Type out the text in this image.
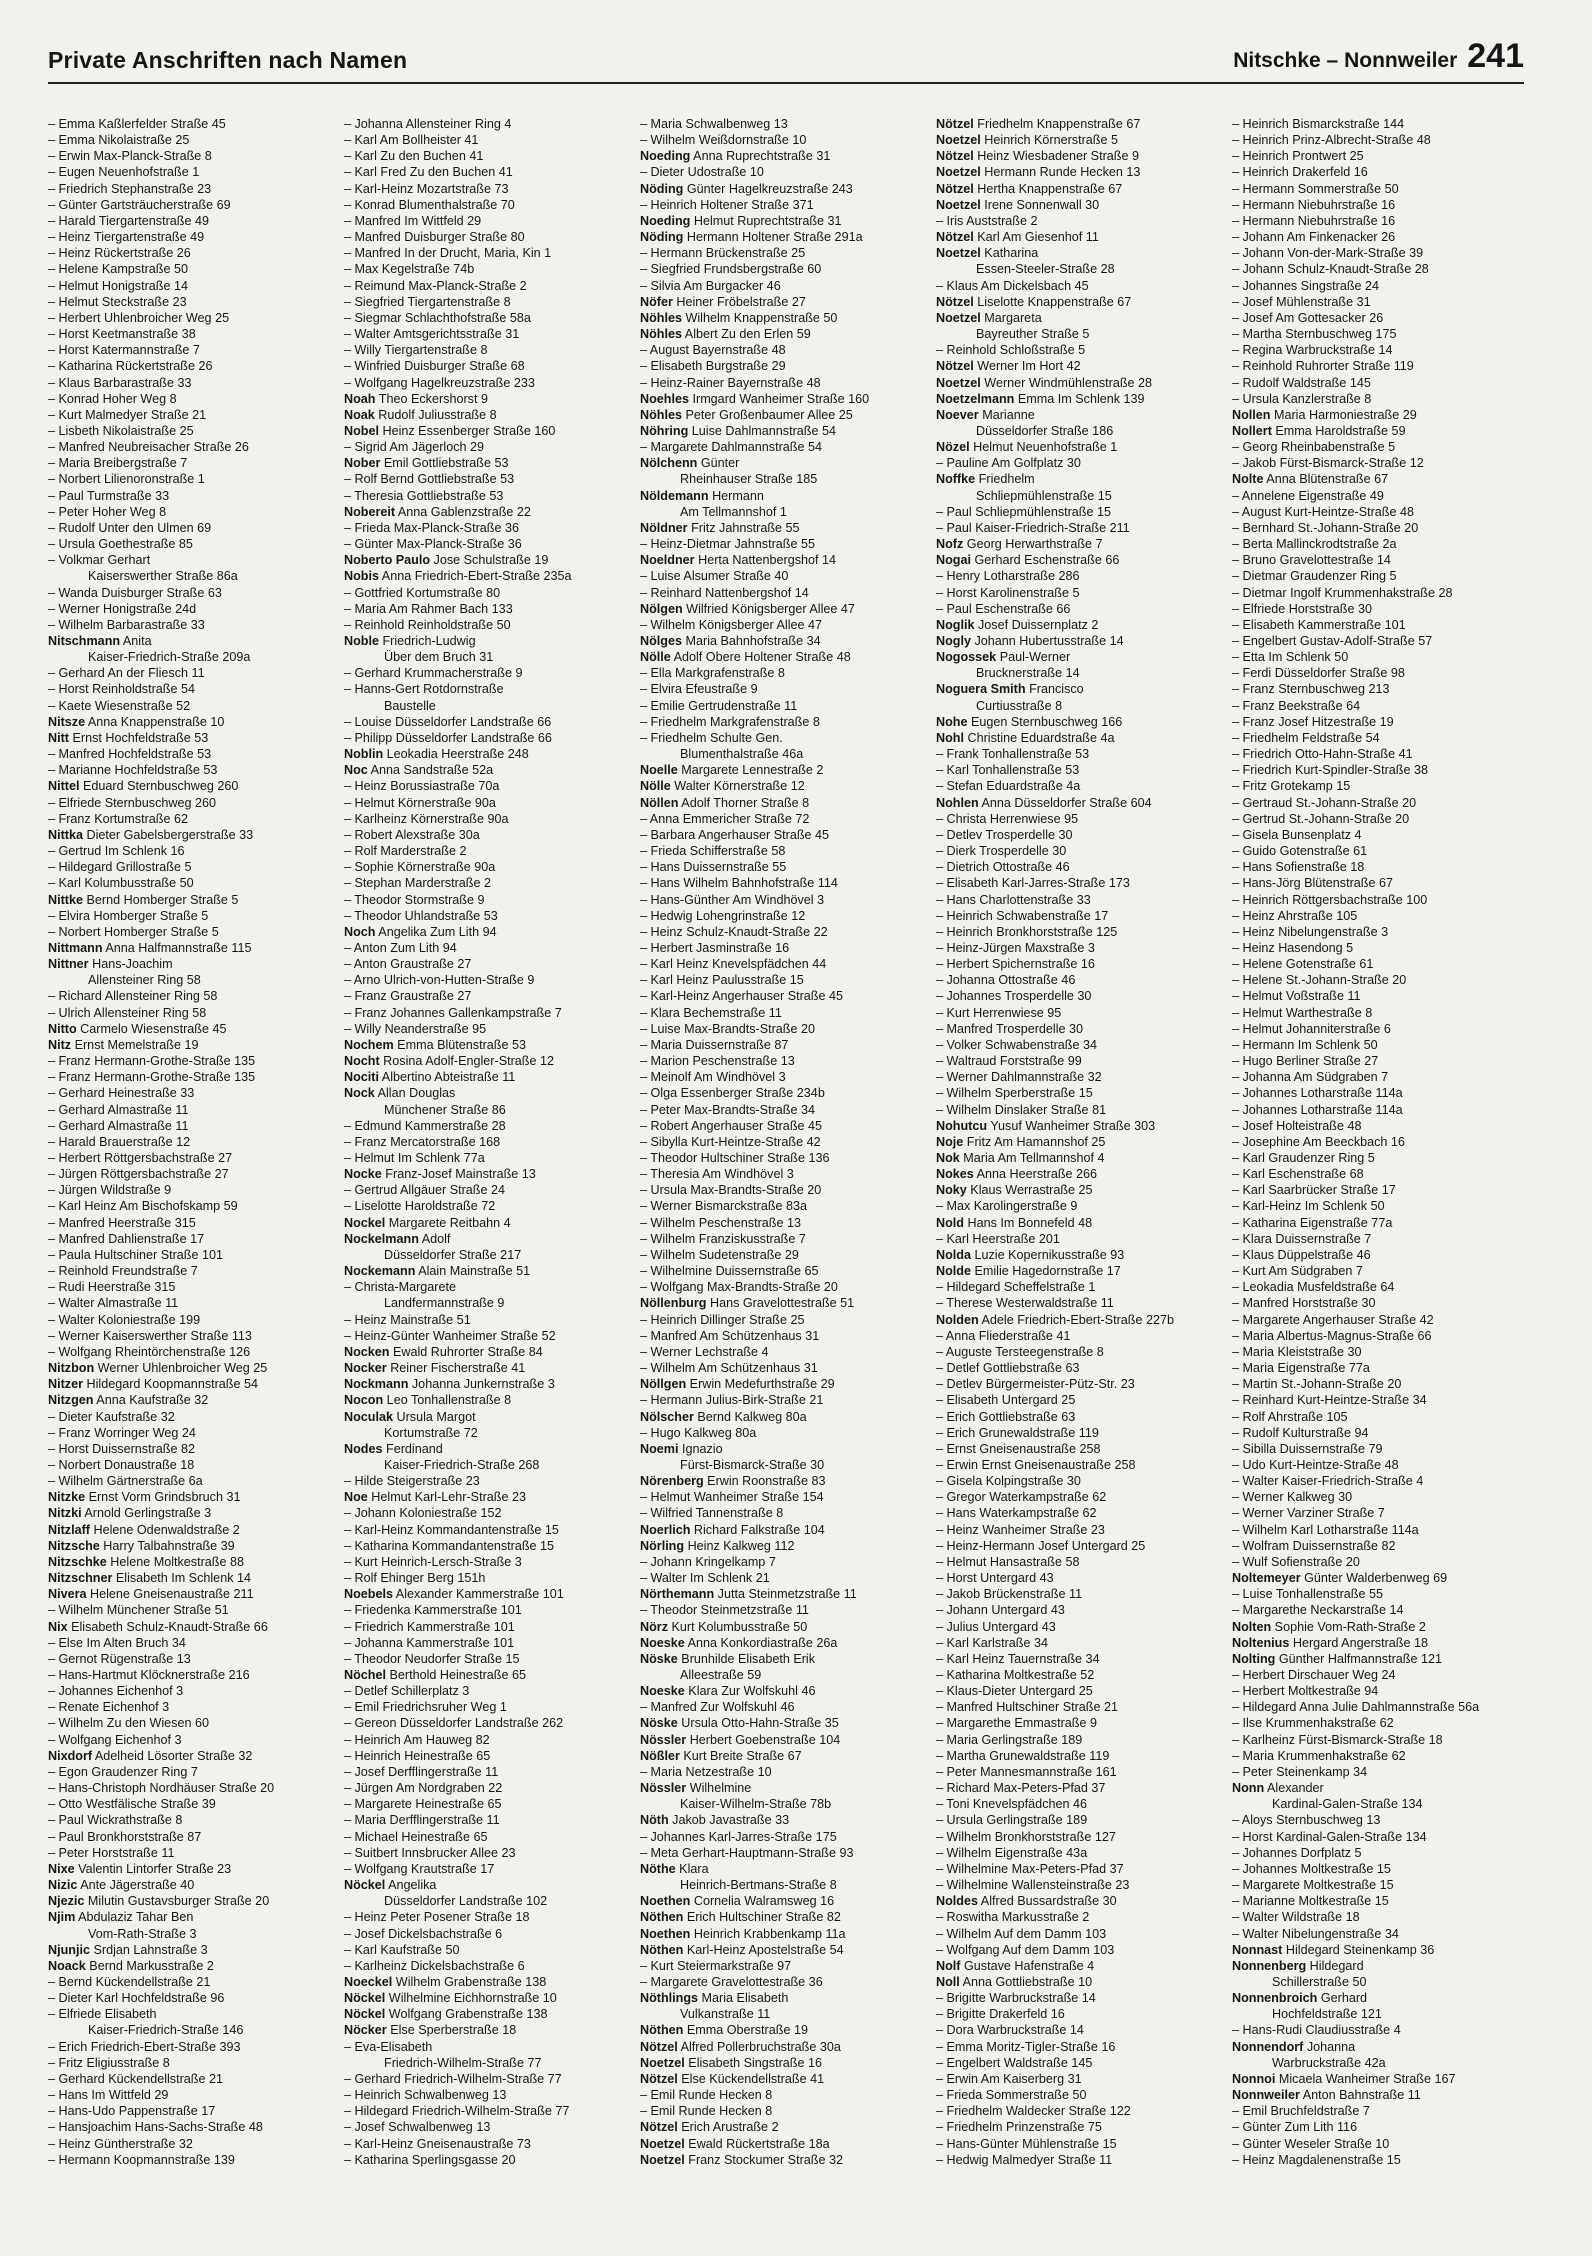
Private Anschriften nach Namen	Nitschke – Nonnweiler 241
– Emma Kaßlerfelder Straße 45
– Emma Nikolaistraße 25
– Erwin Max-Planck-Straße 8
– Eugen Neuenhofstraße 1
– Friedrich Stephanstraße 23
– Günter Gartsträucherstraße 69
– Harald Tiergartenstraße 49
– Heinz Tiergartenstraße 49
– Heinz Rückertstraße 26
– Helene Kampstraße 50
– Helmut Honigstraße 14
– Helmut Steckstraße 23
– Herbert Uhlenbroicher Weg 25
– Horst Keetmanstraße 38
– Horst Katermannstraße 7
– Katharina Rückertstraße 26
– Klaus Barbarastraße 33
– Konrad Hoher Weg 8
– Kurt Malmedyer Straße 21
– Lisbeth Nikolaistraße 25
– Manfred Neubreisacher Straße 26
– Maria Breibergstraße 7
– Norbert Lilienoronstraße 1
– Paul Turmstraße 33
– Peter Hoher Weg 8
– Rudolf Unter den Ulmen 69
– Ursula Goethestraße 85
– Volkmar Gerhart
Kaiserswerther Straße 86a
– Wanda Duisburger Straße 63
– Werner Honigstraße 24d
– Wilhelm Barbarastraße 33
Nitschmann Anita
Kaiser-Friedrich-Straße 209a
– Gerhard An der Fliesch 11
– Horst Reinholdstraße 54
– Kaete Wiesenstraße 52
Nitsze Anna Knappenstraße 10
Nitt Ernst Hochfeldstraße 53
– Manfred Hochfeldstraße 53
– Marianne Hochfeldstraße 53
Nittel Eduard Sternbuschweg 260
– Elfriede Sternbuschweg 260
– Franz Kortumstraße 62
Nittka Dieter Gabelsbergerstraße 33
– Gertrud Im Schlenk 16
– Hildegard Grillostraße 5
– Karl Kolumbusstraße 50
Nittke Bernd Homberger Straße 5
– Elvira Homberger Straße 5
– Norbert Homberger Straße 5
Nittmann Anna Halfmannstraße 115
Nittner Hans-Joachim
Allensteiner Ring 58
– Richard Allensteiner Ring 58
– Ulrich Allensteiner Ring 58
Nitto Carmelo Wiesenstraße 45
Nitz Ernst Memelstraße 19
– Franz Hermann-Grothe-Straße 135
– Franz Hermann-Grothe-Straße 135
– Gerhard Heinestraße 33
– Gerhard Almastraße 11
– Gerhard Almastraße 11
– Harald Brauerstraße 12
– Herbert Röttgersbachstraße 27
– Jürgen Röttgersbachstraße 27
– Jürgen Wildstraße 9
– Karl Heinz Am Bischofskamp 59
– Manfred Heerstraße 315
– Manfred Dahlienstraße 17
– Paula Hultschiner Straße 101
– Reinhold Freundstraße 7
– Rudi Heerstraße 315
– Walter Almastraße 11
– Walter Koloniestraße 199
– Werner Kaiserswerther Straße 113
– Wolfgang Rheintörchenstraße 126
Nitzbon Werner Uhlenbroicher Weg 25
Nitzer Hildegard Koopmannstraße 54
Nitzgen Anna Kaufstraße 32
– Dieter Kaufstraße 32
– Franz Worringer Weg 24
– Horst Duissernstraße 82
– Norbert Donaustraße 18
– Wilhelm Gärtnerstraße 6a
Nitzke Ernst Vorm Grindsbruch 31
Nitzki Arnold Gerlingstraße 3
Nitzlaff Helene Odenwaldstraße 2
Nitzsche Harry Talbahnstraße 39
Nitzschke Helene Moltkestraße 88
Nitzschner Elisabeth Im Schlenk 14
Nivera Helene Gneisenaustraße 211
– Wilhelm Münchener Straße 51
Nix Elisabeth Schulz-Knaudt-Straße 66
– Else Im Alten Bruch 34
– Gernot Rügenstraße 13
– Hans-Hartmut Klöcknerstraße 216
– Johannes Eichenhof 3
– Renate Eichenhof 3
– Wilhelm Zu den Wiesen 60
– Wolfgang Eichenhof 3
Nixdorf Adelheid Lösorter Straße 32
– Egon Graudenzer Ring 7
– Hans-Christoph Nordhäuser Straße 20
– Otto Westfälische Straße 39
– Paul Wickrathstraße 8
– Paul Bronkhorststraße 87
– Peter Horststraße 11
Nixe Valentin Lintorfer Straße 23
Nizic Ante Jägerstraße 40
Njezic Milutin Gustavsburger Straße 20
Njim Abdulaziz Tahar Ben
Vom-Rath-Straße 3
Njunjic Srdjan Lahnstraße 3
Noack Bernd Markusstraße 2
– Bernd Kückendellstraße 21
– Dieter Karl Hochfeldstraße 96
– Elfriede Elisabeth
Kaiser-Friedrich-Straße 146
– Erich Friedrich-Ebert-Straße 393
– Fritz Eligiusstraße 8
– Gerhard Kückendellstraße 21
– Hans Im Wittfeld 29
– Hans-Udo Pappenstraße 17
– Hansjoachim Hans-Sachs-Straße 48
– Heinz Güntherstraße 32
– Hermann Koopmannstraße 139
– Johanna Allensteiner Ring 4
– Karl Am Bollheister 41
– Karl Zu den Buchen 41
– Karl Fred Zu den Buchen 41
– Karl-Heinz Mozartstraße 73
– Konrad Blumenthalstraße 70
– Manfred Im Wittfeld 29
– Manfred Duisburger Straße 80
– Manfred In der Drucht, Maria, Kin 1
– Max Kegelstraße 74b
– Reimund Max-Planck-Straße 2
– Siegfried Tiergartenstraße 8
– Siegmar Schlachthofstraße 58a
– Walter Amtsgerichtsstraße 31
– Willy Tiergartenstraße 8
– Winfried Duisburger Straße 68
– Wolfgang Hagelkreuzstraße 233
Noah Theo Eckershorst 9
Noak Rudolf Juliusstraße 8
Nobel Heinz Essenberger Straße 160
– Sigrid Am Jägerloch 29
Nober Emil Gottliebstraße 53
– Rolf Bernd Gottliebstraße 53
– Theresia Gottliebstraße 53
Nobereit Anna Gablenzstraße 22
– Frieda Max-Planck-Straße 36
– Günter Max-Planck-Straße 36
Noberto Paulo Jose Schulstraße 19
Nobis Anna Friedrich-Ebert-Straße 235a
– Gottfried Kortumstraße 80
– Maria Am Rahmer Bach 133
– Reinhold Reinholdstraße 50
Noble Friedrich-Ludwig
Über dem Bruch 31
– Gerhard Krummacherstraße 9
– Hanns-Gert Rotdornstraße
Baustelle
– Louise Düsseldorfer Landstraße 66
– Philipp Düsseldorfer Landstraße 66
Noblin Leokadia Heerstraße 248
Noc Anna Sandstraße 52a
– Heinz Borussiastraße 70a
– Helmut Körnerstraße 90a
– Karlheinz Körnerstraße 90a
– Robert Alexstraße 30a
– Rolf Marderstraße 2
– Sophie Körnerstraße 90a
– Stephan Marderstraße 2
– Theodor Stormstraße 9
– Theodor Uhlandstraße 53
Noch Angelika Zum Lith 94
– Anton Zum Lith 94
– Anton Graustraße 27
– Arno Ulrich-von-Hutten-Straße 9
– Franz Graustraße 27
– Franz Johannes Gallenkampstraße 7
– Willy Neanderstraße 95
Nochem Emma Blütenstraße 53
Nocht Rosina Adolf-Engler-Straße 12
Nociti Albertino Abteistraße 11
Nock Allan Douglas
Münchener Straße 86
– Edmund Kammerstraße 28
– Franz Mercatorstraße 168
– Helmut Im Schlenk 77a
Nocke Franz-Josef Mainstraße 13
– Gertrud Allgäuer Straße 24
– Liselotte Haroldstraße 72
Nockel Margarete Reitbahn 4
Nockelmann Adolf
Düsseldorfer Straße 217
Nockemann Alain Mainstraße 51
– Christa-Margarete
Landfermannstraße 9
– Heinz Mainstraße 51
– Heinz-Günter Wanheimer Straße 52
Nocken Ewald Ruhrorter Straße 84
Nocker Reiner Fischerstraße 41
Nockmann Johanna Junkernstraße 3
Nocon Leo Tonhallenstraße 8
Noculak Ursula Margot
Kortumstraße 72
Nodes Ferdinand
Kaiser-Friedrich-Straße 268
– Hilde Steigerstraße 23
Noe Helmut Karl-Lehr-Straße 23
– Johann Koloniestraße 152
– Karl-Heinz Kommandantenstraße 15
– Katharina Kommandantenstraße 15
– Kurt Heinrich-Lersch-Straße 3
– Rolf Ehinger Berg 151h
Noebels Alexander Kammerstraße 101
– Friedenka Kammerstraße 101
– Friedrich Kammerstraße 101
– Johanna Kammerstraße 101
– Theodor Neudorfer Straße 15
Nöchel Berthold Heinestraße 65
– Detlef Schillerplatz 3
– Emil Friedrichsruher Weg 1
– Gereon Düsseldorfer Landstraße 262
– Heinrich Am Hauweg 82
– Heinrich Heinestraße 65
– Josef Derfflingerstraße 11
– Jürgen Am Nordgraben 22
– Margarete Heinestraße 65
– Maria Derfflingerstraße 11
– Michael Heinestraße 65
– Suitbert Innsbrucker Allee 23
– Wolfgang Krautstraße 17
Nöckel Angelika
Düsseldorfer Landstraße 102
– Heinz Peter Posener Straße 18
– Josef Dickelsbachstraße 6
– Karl Kaufstraße 50
– Karlheinz Dickelsbachstraße 6
Noeckel Wilhelm Grabenstraße 138
Nöckel Wilhelmine Eichhornstraße 10
Nöckel Wolfgang Grabenstraße 138
Nöcker Else Sperberstraße 18
– Eva-Elisabeth
Friedrich-Wilhelm-Straße 77
– Gerhard Friedrich-Wilhelm-Straße 77
– Heinrich Schwalbenweg 13
– Hildegard Friedrich-Wilhelm-Straße 77
– Josef Schwalbenweg 13
– Karl-Heinz Gneisenaustraße 73
– Katharina Sperlingsgasse 20
– Maria Schwalbenweg 13
– Wilhelm Weißdornstraße 10
Noeding Anna Ruprechtstraße 31
– Dieter Udostraße 10
Nöding Günter Hagelkreuzstraße 243
– Heinrich Holtener Straße 371
Noeding Helmut Ruprechtstraße 31
Nöding Hermann Holtener Straße 291a
– Hermann Brückenstraße 25
– Siegfried Frundsbergstraße 60
– Silvia Am Burgacker 46
Nöfer Heiner Fröbelstraße 27
Nöhles Wilhelm Knappenstraße 50
Nöhles Albert Zu den Erlen 59
– August Bayernstraße 48
– Elisabeth Burgstraße 29
– Heinz-Rainer Bayernstraße 48
Noehles Irmgard Wanheimer Straße 160
Nöhles Peter Großenbaumer Allee 25
Nöhring Luise Dahlmannstraße 54
– Margarete Dahlmannstraße 54
Nölchenn Günter
Rheinhauser Straße 185
Nöldemann Hermann
Am Tellmannshof 1
Nöldner Fritz Jahnstraße 55
– Heinz-Dietmar Jahnstraße 55
Noeldner Herta Nattenbergshof 14
– Luise Alsumer Straße 40
– Reinhard Nattenbergshof 14
Nölgen Wilfried Königsberger Allee 47
– Wilhelm Königsberger Allee 47
Nölges Maria Bahnhofstraße 34
Nölle Adolf Obere Holtener Straße 48
– Ella Markgrafenstraße 8
– Elvira Efeustraße 9
– Emilie Gertrudenstraße 11
– Friedhelm Markgrafenstraße 8
– Friedhelm Schulte Gen.
Blumenthalstraße 46a
Noelle Margarete Lennestraße 2
Nölle Walter Körnerstraße 12
Nöllen Adolf Thorner Straße 8
– Anna Emmericher Straße 72
– Barbara Angerhauser Straße 45
– Frieda Schifferstraße 58
– Hans Duissernstraße 55
– Hans Wilhelm Bahnhofstraße 114
– Hans-Günther Am Windhövel 3
– Hedwig Lohengrinstraße 12
– Heinz Schulz-Knaudt-Straße 22
– Herbert Jasminstraße 16
– Karl Heinz Knevelspfädchen 44
– Karl Heinz Paulusstraße 15
– Karl-Heinz Angerhauser Straße 45
– Klara Bechemstraße 11
– Luise Max-Brandts-Straße 20
– Maria Duissernstraße 87
– Marion Peschenstraße 13
– Meinolf Am Windhövel 3
– Olga Essenberger Straße 234b
– Peter Max-Brandts-Straße 34
– Robert Angerhauser Straße 45
– Sibylla Kurt-Heintze-Straße 42
– Theodor Hultschiner Straße 136
– Theresia Am Windhövel 3
– Ursula Max-Brandts-Straße 20
– Werner Bismarckstraße 83a
– Wilhelm Peschenstraße 13
– Wilhelm Franziskusstraße 7
– Wilhelm Sudetenstraße 29
– Wilhelmine Duissernstraße 65
– Wolfgang Max-Brandts-Straße 20
Nöllenburg Hans Gravelottestraße 51
– Heinrich Dillinger Straße 25
– Manfred Am Schützenhaus 31
– Werner Lechstraße 4
– Wilhelm Am Schützenhaus 31
Nöllgen Erwin Medefurthstraße 29
– Hermann Julius-Birk-Straße 21
Nölscher Bernd Kalkweg 80a
– Hugo Kalkweg 80a
Noemi Ignazio
Fürst-Bismarck-Straße 30
Nörenberg Erwin Roonstraße 83
– Helmut Wanheimer Straße 154
– Wilfried Tannenstraße 8
Noerlich Richard Falkstraße 104
Nörling Heinz Kalkweg 112
– Johann Kringelkamp 7
– Walter Im Schlenk 21
Nörthemann Jutta Steinmetzstraße 11
– Theodor Steinmetzstraße 11
Nörz Kurt Kolumbusstraße 50
Noeske Anna Konkordiastraße 26a
Nöske Brunhilde Elisabeth Erik
Alleestraße 59
Noeske Klara Zur Wolfskuhl 46
– Manfred Zur Wolfskuhl 46
Nöske Ursula Otto-Hahn-Straße 35
Nössler Herbert Goebenstraße 104
Nößler Kurt Breite Straße 67
– Maria Netzestraße 10
Nössler Wilhelmine
Kaiser-Wilhelm-Straße 78b
Nöth Jakob Javastraße 33
– Johannes Karl-Jarres-Straße 175
– Meta Gerhart-Hauptmann-Straße 93
Nöthe Klara
Heinrich-Bertmans-Straße 8
Noethen Cornelia Walramsweg 16
Nöthen Erich Hultschiner Straße 82
Noethen Heinrich Krabbenkamp 11a
Nöthen Karl-Heinz Apostelstraße 54
– Kurt Steiermarkstraße 97
– Margarete Gravelottestraße 36
Nöthlings Maria Elisabeth
Vulkanstraße 11
Nöthen Emma Oberstraße 19
Nötzel Alfred Pollerbruchstraße 30a
Noetzel Elisabeth Singstraße 16
Nötzel Else Kückendellstraße 41
– Emil Runde Hecken 8
– Emil Runde Hecken 8
Nötzel Erich Arustraße 2
Noetzel Ewald Rückertstraße 18a
Noetzel Franz Stockumer Straße 32
Nötzel Friedhelm Knappenstraße 67
Noetzel Heinrich Körnerstraße 5
Nötzel Heinz Wiesbadener Straße 9
Noetzel Hermann Runde Hecken 13
Nötzel Hertha Knappenstraße 67
Noetzel Irene Sonnenwall 30
– Iris Auststraße 2
Nötzel Karl Am Giesenhof 11
Noetzel Katharina
Essen-Steeler-Straße 28
– Klaus Am Dickelsbach 45
Nötzel Liselotte Knappenstraße 67
Noetzel Margareta
Bayreuther Straße 5
– Reinhold Schloßstraße 5
Nötzel Werner Im Hort 42
Noetzel Werner Windmühlenstraße 28
Noetzelmann Emma Im Schlenk 139
Noever Marianne
Düsseldorfer Straße 186
Nözel Helmut Neuenhofstraße 1
– Pauline Am Golfplatz 30
Noffke Friedhelm
Schliepmühlenstraße 15
– Paul Schliepmühlenstraße 15
– Paul Kaiser-Friedrich-Straße 211
Nofz Georg Herwarthstraße 7
Nogai Gerhard Eschenstraße 66
– Henry Lotharstraße 286
– Horst Karolinenstraße 5
– Paul Eschenstraße 66
Noglik Josef Duissernplatz 2
Nogly Johann Hubertusstraße 14
Nogossek Paul-Werner
Brucknerstraße 14
Noguera Smith Francisco
Curtiusstraße 8
Nohe Eugen Sternbuschweg 166
Nohl Christine Eduardstraße 4a
– Frank Tonhallenstraße 53
– Karl Tonhallenstraße 53
– Stefan Eduardstraße 4a
Nohlen Anna Düsseldorfer Straße 604
– Christa Herrenwiese 95
– Detlev Trosperdelle 30
– Dierk Trosperdelle 30
– Dietrich Ottostraße 46
– Elisabeth Karl-Jarres-Straße 173
– Hans Charlottenstraße 33
– Heinrich Schwabenstraße 17
– Heinrich Bronkhorststraße 125
– Heinz-Jürgen Maxstraße 3
– Herbert Spichernstraße 16
– Johanna Ottostraße 46
– Johannes Trosperdelle 30
– Kurt Herrenwiese 95
– Manfred Trosperdelle 30
– Volker Schwabenstraße 34
– Waltraud Forststraße 99
– Werner Dahlmannstraße 32
– Wilhelm Sperberstraße 15
– Wilhelm Dinslaker Straße 81
Nohutcu Yusuf Wanheimer Straße 303
Noje Fritz Am Hamannshof 25
Nok Maria Am Tellmannshof 4
Nokes Anna Heerstraße 266
Noky Klaus Werrastraße 25
– Max Karolingerstraße 9
Nold Hans Im Bonnefeld 48
– Karl Heerstraße 201
Nolda Luzie Kopernikusstraße 93
Nolde Emilie Hagedornstraße 17
– Hildegard Scheffelstraße 1
– Therese Westerwaldstraße 11
Nolden Adele Friedrich-Ebert-Straße 227b
– Anna Fliederstraße 41
– Auguste Tersteegenstraße 8
– Detlef Gottliebstraße 63
– Detlev Bürgermeister-Pütz-Str. 23
– Elisabeth Untergard 25
– Erich Gottliebstraße 63
– Erich Grunewaldstraße 119
– Ernst Gneisenaustraße 258
– Erwin Ernst Gneisenaustraße 258
– Gisela Kolpingstraße 30
– Gregor Waterkampstraße 62
– Hans Waterkampstraße 62
– Heinz Wanheimer Straße 23
– Heinz-Hermann Josef Untergard 25
– Helmut Hansastraße 58
– Horst Untergard 43
– Jakob Brückenstraße 11
– Johann Untergard 43
– Julius Untergard 43
– Karl Karlstraße 34
– Karl Heinz Tauernstraße 34
– Katharina Moltkestraße 52
– Klaus-Dieter Untergard 25
– Manfred Hultschiner Straße 21
– Margarethe Emmastraße 9
– Maria Gerlingstraße 189
– Martha Grunewaldstraße 119
– Peter Mannesmannstraße 161
– Richard Max-Peters-Pfad 37
– Toni Knevelspfädchen 46
– Ursula Gerlingstraße 189
– Wilhelm Bronkhorststraße 127
– Wilhelm Eigenstraße 43a
– Wilhelmine Max-Peters-Pfad 37
– Wilhelmine Wallensteinstraße 23
Noldes Alfred Bussardstraße 30
– Roswitha Markusstraße 2
– Wilhelm Auf dem Damm 103
– Wolfgang Auf dem Damm 103
Nolf Gustave Hafenstraße 4
Noll Anna Gottliebstraße 10
– Brigitte Warbruckstraße 14
– Brigitte Drakerfeld 16
– Dora Warbruckstraße 14
– Emma Moritz-Tigler-Straße 16
– Engelbert Waldstraße 145
– Erwin Am Kaiserberg 31
– Frieda Sommerstraße 50
– Friedhelm Waldecker Straße 122
– Friedhelm Prinzenstraße 75
– Hans-Günter Mühlenstraße 15
– Hedwig Malmedyer Straße 11
– Heinrich Bismarckstraße 144
– Heinrich Prinz-Albrecht-Straße 48
– Heinrich Prontwert 25
– Heinrich Drakerfeld 16
– Hermann Sommerstraße 50
– Hermann Niebuhrstraße 16
– Hermann Niebuhrstraße 16
– Johann Am Finkenacker 26
– Johann Von-der-Mark-Straße 39
– Johann Schulz-Knaudt-Straße 28
– Johannes Singstraße 24
– Josef Mühlenstraße 31
– Josef Am Gottesacker 26
– Martha Sternbuschweg 175
– Regina Warbruckstraße 14
– Reinhold Ruhrorter Straße 119
– Rudolf Waldstraße 145
– Ursula Kanzlerstraße 8
Nollen Maria Harmoniestraße 29
Nollert Emma Haroldstraße 59
– Georg Rheinbabenstraße 5
– Jakob Fürst-Bismarck-Straße 12
Nolte Anna Blütenstraße 67
– Annelene Eigenstraße 49
– August Kurt-Heintze-Straße 48
– Bernhard St.-Johann-Straße 20
– Berta Mallinckrodtstraße 2a
– Bruno Gravelottestraße 14
– Dietmar Graudenzer Ring 5
– Dietmar Ingolf Krummenhakstraße 28
– Elfriede Horststraße 30
– Elisabeth Kammerstraße 101
– Engelbert Gustav-Adolf-Straße 57
– Etta Im Schlenk 50
– Ferdi Düsseldorfer Straße 98
– Franz Sternbuschweg 213
– Franz Beekstraße 64
– Franz Josef Hitzestraße 19
– Friedhelm Feldstraße 54
– Friedrich Otto-Hahn-Straße 41
– Friedrich Kurt-Spindler-Straße 38
– Fritz Grotekamp 15
– Gertraud St.-Johann-Straße 20
– Gertrud St.-Johann-Straße 20
– Gisela Bunsenplatz 4
– Guido Gotenstraße 61
– Hans Sofienstraße 18
– Hans-Jörg Blütenstraße 67
– Heinrich Röttgersbachstraße 100
– Heinz Ahrstraße 105
– Heinz Nibelungenstraße 3
– Heinz Hasendong 5
– Helene Gotenstraße 61
– Helene St.-Johann-Straße 20
– Helmut Voßstraße 11
– Helmut Warthestraße 8
– Helmut Johanniterstraße 6
– Hermann Im Schlenk 50
– Hugo Berliner Straße 27
– Johanna Am Südgraben 7
– Johannes Lotharstraße 114a
– Johannes Lotharstraße 114a
– Josef Holteistraße 48
– Josephine Am Beeckbach 16
– Karl Graudenzer Ring 5
– Karl Eschenstraße 68
– Karl Saarbrücker Straße 17
– Karl-Heinz Im Schlenk 50
– Katharina Eigenstraße 77a
– Klara Duissernstraße 7
– Klaus Düppelstraße 46
– Kurt Am Südgraben 7
– Leokadia Musfeldstraße 64
– Manfred Horststraße 30
– Margarete Angerhauser Straße 42
– Maria Albertus-Magnus-Straße 66
– Maria Kleiststraße 30
– Maria Eigenstraße 77a
– Martin St.-Johann-Straße 20
– Reinhard Kurt-Heintze-Straße 34
– Rolf Ahrstraße 105
– Rudolf Kulturstraße 94
– Sibilla Duissernstraße 79
– Udo Kurt-Heintze-Straße 48
– Walter Kaiser-Friedrich-Straße 4
– Werner Kalkweg 30
– Werner Varziner Straße 7
– Wilhelm Karl Lotharstraße 114a
– Wolfram Duissernstraße 82
– Wulf Sofienstraße 20
Noltemeyer Günter Walderbenweg 69
– Luise Tonhallenstraße 55
– Margarethe Neckarstraße 14
Nolten Sophie Vom-Rath-Straße 2
Noltenius Hergard Angerstraße 18
Nolting Günther Halfmannstraße 121
– Herbert Dirschauer Weg 24
– Herbert Moltkestraße 94
– Hildegard Anna Julie Dahlmannstraße 56a
– Ilse Krummenhakstraße 62
– Karlheinz Fürst-Bismarck-Straße 18
– Maria Krummenhakstraße 62
– Peter Steinenkamp 34
Nonn Alexander
Kardinal-Galen-Straße 134
– Aloys Sternbuschweg 13
– Horst Kardinal-Galen-Straße 134
– Johannes Dorfplatz 5
– Johannes Moltkestraße 15
– Margarete Moltkestraße 15
– Marianne Moltkestraße 15
– Walter Wildstraße 18
– Walter Nibelungenstraße 34
Nonnast Hildegard Steinenkamp 36
Nonnenberg Hildegard
Schillerstraße 50
Nonnenbroich Gerhard
Hochfeldstraße 121
– Hans-Rudi Claudiusstraße 4
Nonnendorf Johanna
Warbruckstraße 42a
Nonnoi Micaela Wanheimer Straße 167
Nonnweiler Anton Bahnstraße 11
– Emil Bruchfeldstraße 7
– Günter Zum Lith 116
– Günter Weseler Straße 10
– Heinz Magdalenenstraße 15
